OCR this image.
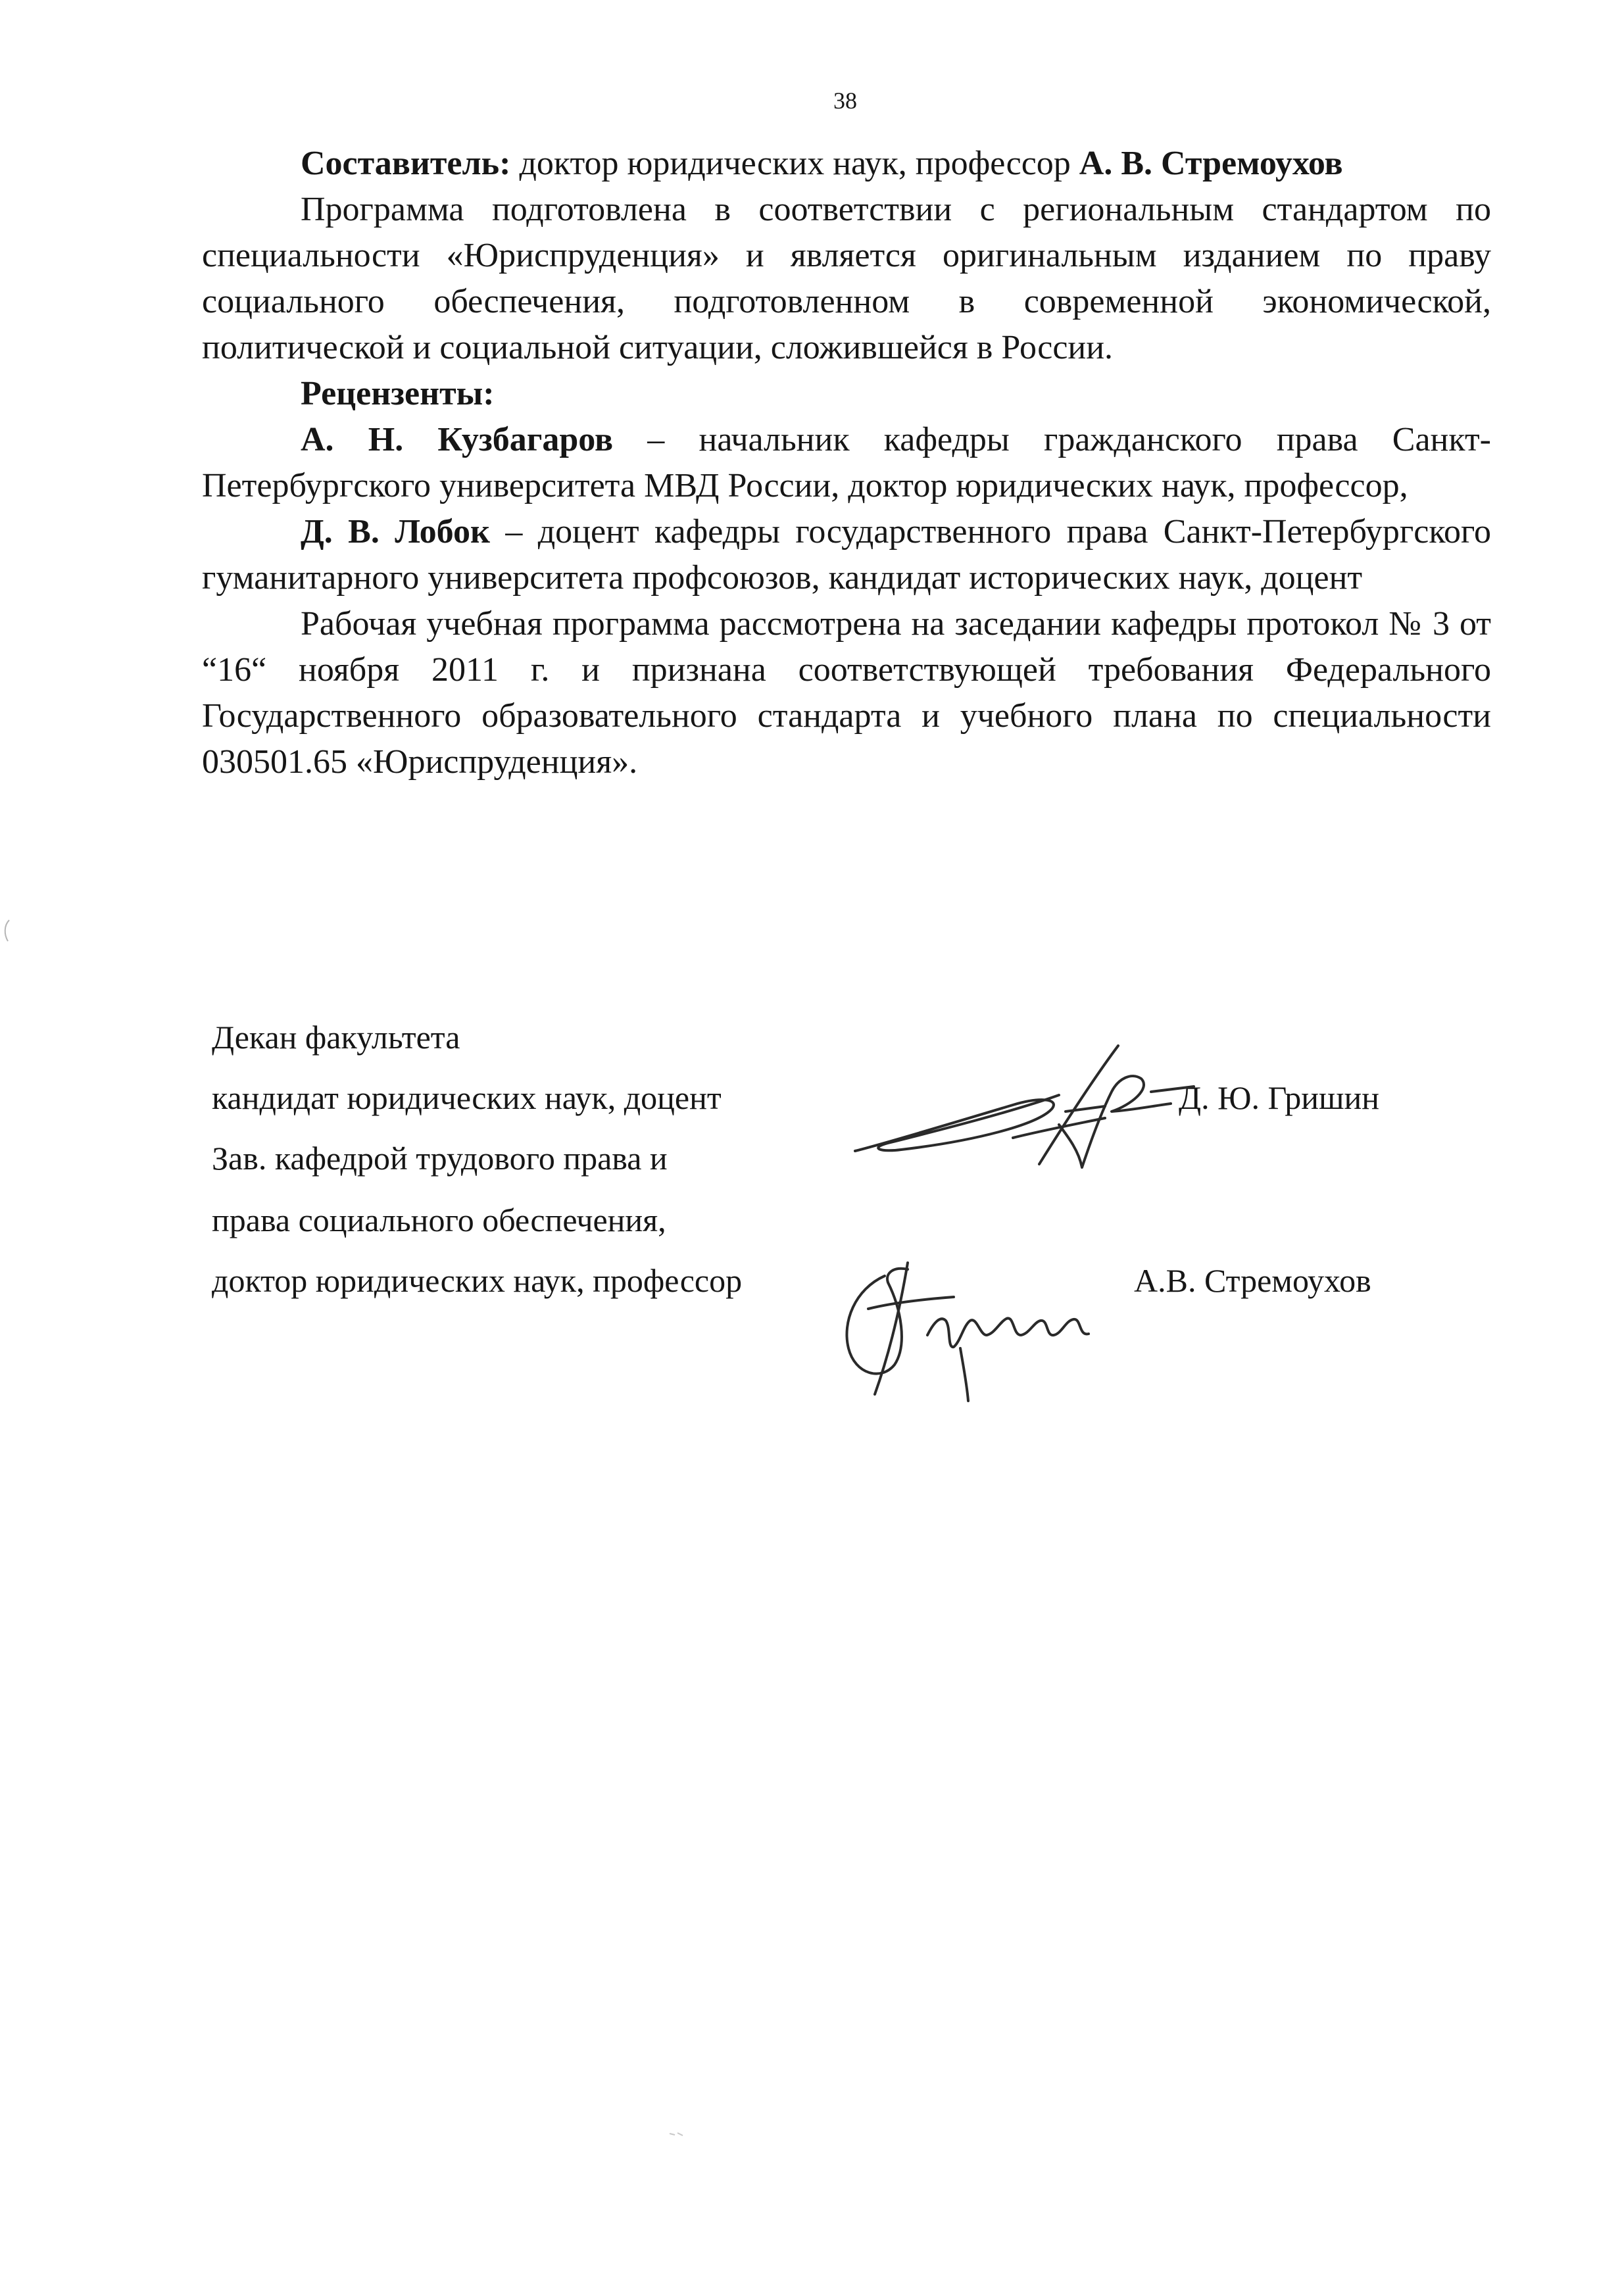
38

Составитель: доктор юридических наук, профессор А. В. Стремоухов

Программа подготовлена в соответствии с региональным стандартом по специальности «Юриспруденция» и является оригинальным изданием по праву социального обеспечения, подготовленном в современной экономической, политической и социальной ситуации, сложившейся в России.

Рецензенты:

А. Н. Кузбагаров – начальник кафедры гражданского права Санкт-Петербургского университета МВД России, доктор юридических наук, профессор,

Д. В. Лобок – доцент кафедры государственного права Санкт-Петербургского гуманитарного университета профсоюзов, кандидат исторических наук, доцент

Рабочая учебная программа рассмотрена на заседании кафедры протокол № 3 от “16“ ноября 2011 г. и признана соответствующей требования Федерального Государственного образовательного стандарта и учебного плана по специальности 030501.65 «Юриспруденция».

Декан факультета
кандидат юридических наук, доцент	Д. Ю. Гришин
Зав. кафедрой трудового права и
права социального обеспечения,
доктор юридических наук, профессор	А.В. Стремоухов
